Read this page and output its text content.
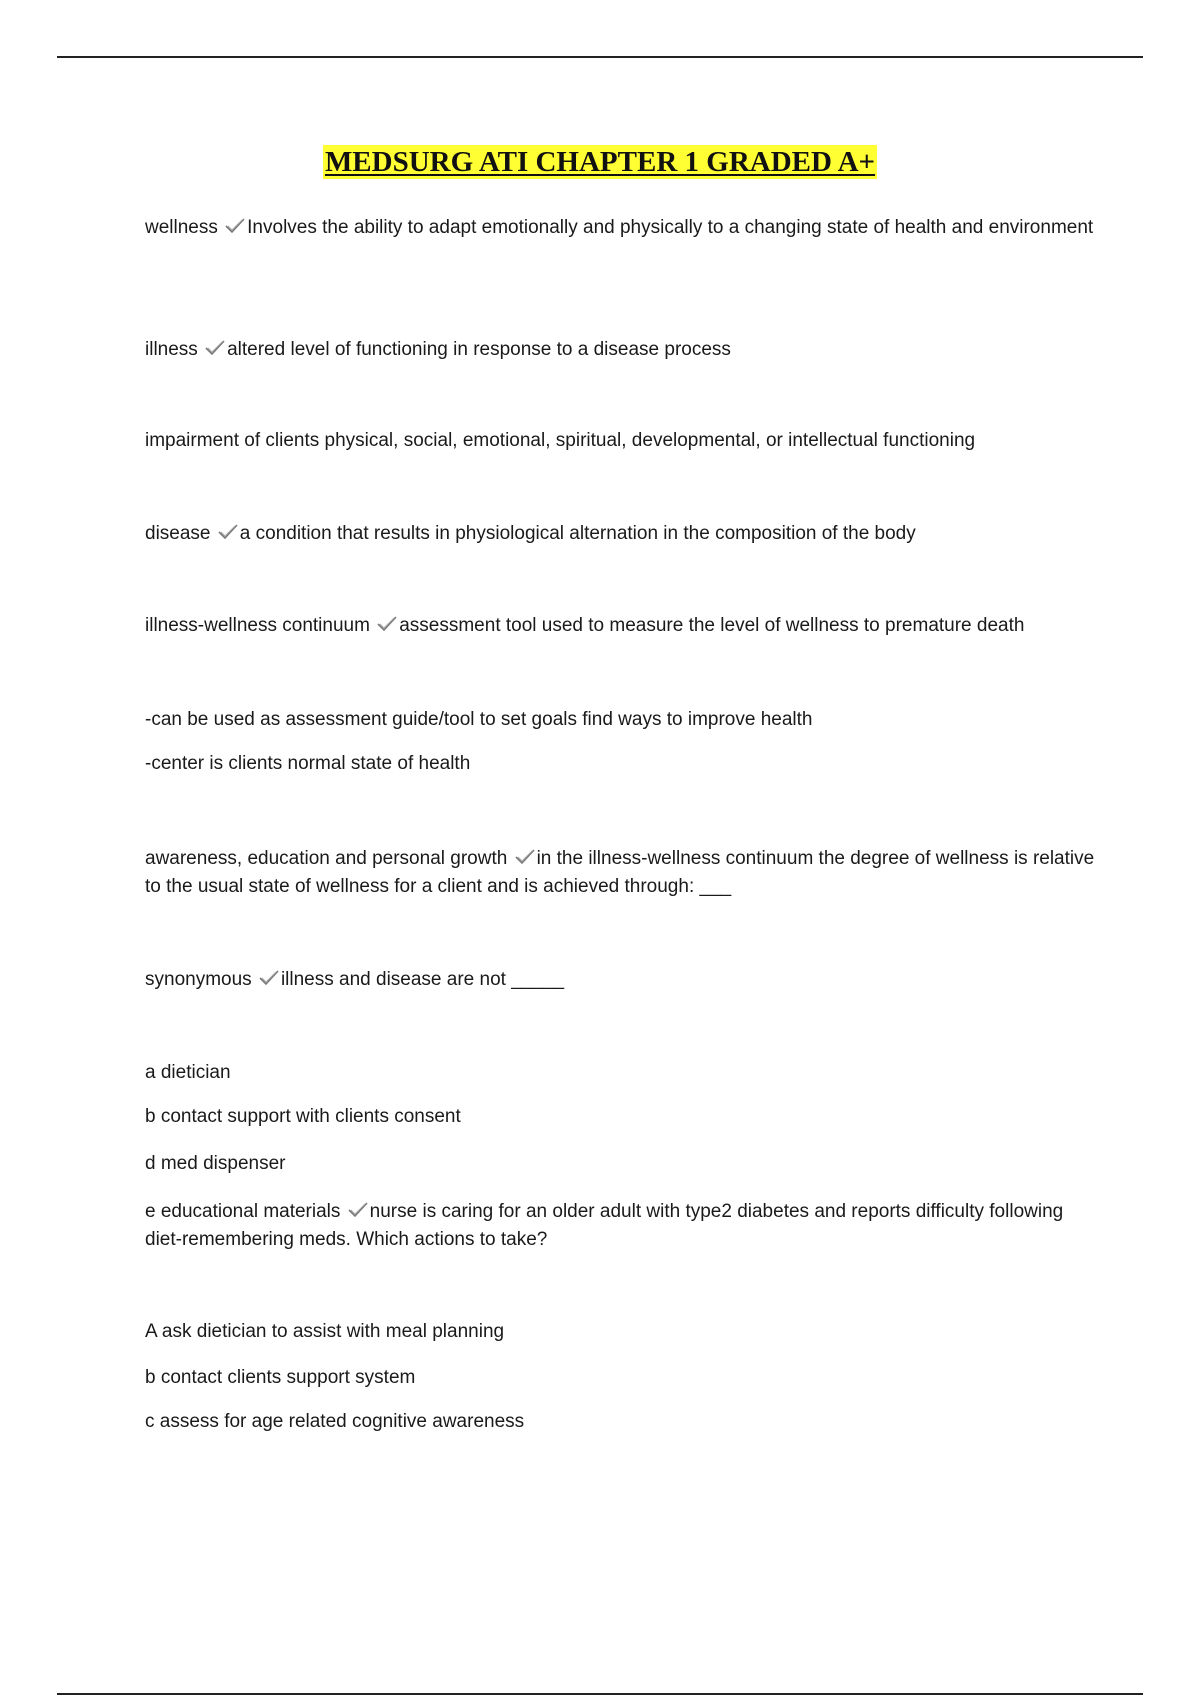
MEDSURG ATI CHAPTER 1 GRADED A+

wellness Involves the ability to adapt emotionally and physically to a changing state of health and environment

illness altered level of functioning in response to a disease process

impairment of clients physical, social, emotional, spiritual, developmental, or intellectual functioning

disease a condition that results in physiological alternation in the composition of the body

illness-wellness continuum assessment tool used to measure the level of wellness to premature death

-can be used as assessment guide/tool to set goals find ways to improve health

-center is clients normal state of health

awareness, education and personal growth in the illness-wellness continuum the degree of wellness is relative to the usual state of wellness for a client and is achieved through: ___

synonymous illness and disease are not _____

a dietician

b contact support with clients consent

d med dispenser

e educational materials nurse is caring for an older adult with type2 diabetes and reports difficulty following diet-remembering meds. Which actions to take?

A ask dietician to assist with meal planning

b contact clients support system

c assess for age related cognitive awareness
